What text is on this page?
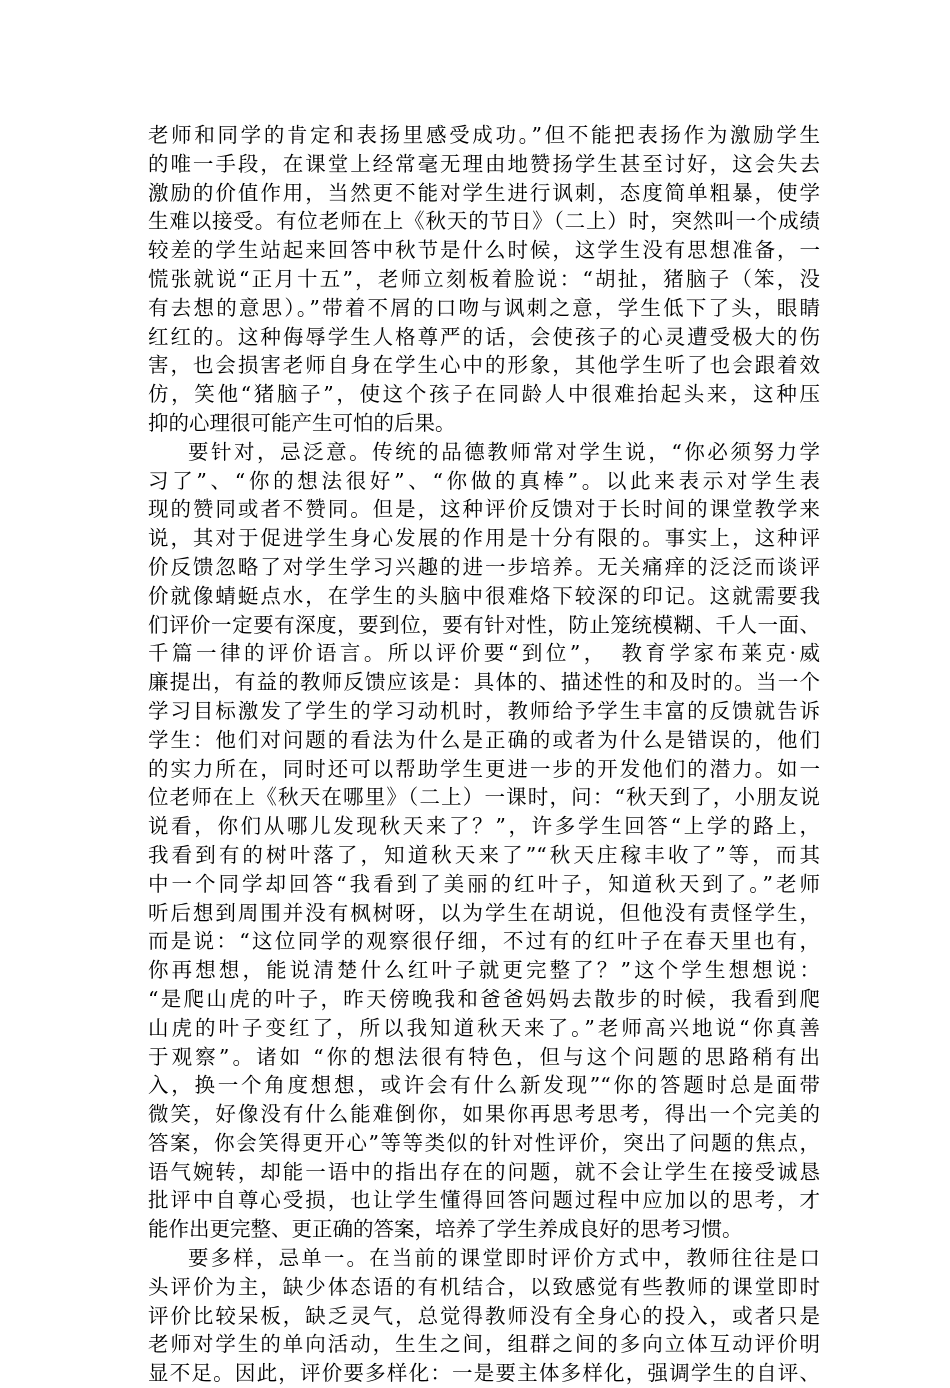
老师和同学的肯定和表扬里感受成功。”但不能把表扬作为激励学生
的唯一手段，在课堂上经常毫无理由地赞扬学生甚至讨好，这会失去
激励的价值作用，当然更不能对学生进行讽刺，态度简单粗暴，使学
生难以接受。有位老师在上《秋天的节日》（二上）时，突然叫一个成绩
较差的学生站起来回答中秋节是什么时候，这学生没有思想准备，一
慌张就说“正月十五”，老师立刻板着脸说：“胡扯，猪脑子（笨，没
有去想的意思）。”带着不屑的口吻与讽刺之意，学生低下了头，眼睛
红红的。这种侮辱学生人格尊严的话，会使孩子的心灵遭受极大的伤
害，也会损害老师自身在学生心中的形象，其他学生听了也会跟着效
仿，笑他“猪脑子”，使这个孩子在同龄人中很难抬起头来，这种压
抑的心理很可能产生可怕的后果。
要针对，忌泛意。传统的品德教师常对学生说，“你必须努力学
习了”、“你的想法很好”、“你做的真棒”。以此来表示对学生表
现的赞同或者不赞同。但是，这种评价反馈对于长时间的课堂教学来
说，其对于促进学生身心发展的作用是十分有限的。事实上，这种评
价反馈忽略了对学生学习兴趣的进一步培养。无关痛痒的泛泛而谈评
价就像蜻蜓点水，在学生的头脑中很难烙下较深的印记。这就需要我
们评价一定要有深度，要到位，要有针对性，防止笼统模糊、千人一面、
千篇一律的评价语言。所以评价要“到位”，　教育学家布莱克·威
廉提出，有益的教师反馈应该是：具体的、描述性的和及时的。当一个
学习目标激发了学生的学习动机时，教师给予学生丰富的反馈就告诉
学生：他们对问题的看法为什么是正确的或者为什么是错误的，他们
的实力所在，同时还可以帮助学生更进一步的开发他们的潜力。如一
位老师在上《秋天在哪里》（二上）一课时，问：“秋天到了，小朋友说
说看，你们从哪儿发现秋天来了？”，许多学生回答“上学的路上，
我看到有的树叶落了，知道秋天来了”“秋天庄稼丰收了”等，而其
中一个同学却回答“我看到了美丽的红叶子，知道秋天到了。”老师
听后想到周围并没有枫树呀，以为学生在胡说，但他没有责怪学生，
而是说：“这位同学的观察很仔细，不过有的红叶子在春天里也有，
你再想想，能说清楚什么红叶子就更完整了？”这个学生想想说：
“是爬山虎的叶子，昨天傍晚我和爸爸妈妈去散步的时候，我看到爬
山虎的叶子变红了，所以我知道秋天来了。”老师高兴地说“你真善
于观察”。诸如 “你的想法很有特色，但与这个问题的思路稍有出
入，换一个角度想想，或许会有什么新发现”“你的答题时总是面带
微笑，好像没有什么能难倒你，如果你再思考思考，得出一个完美的
答案，你会笑得更开心”等等类似的针对性评价，突出了问题的焦点，
语气婉转，却能一语中的指出存在的问题，就不会让学生在接受诚恳
批评中自尊心受损，也让学生懂得回答问题过程中应加以的思考，才
能作出更完整、更正确的答案，培养了学生养成良好的思考习惯。
要多样，忌单一。在当前的课堂即时评价方式中，教师往往是口
头评价为主，缺少体态语的有机结合，以致感觉有些教师的课堂即时
评价比较呆板，缺乏灵气，总觉得教师没有全身心的投入，或者只是
老师对学生的单向活动，生生之间，组群之间的多向立体互动评价明
显不足。因此，评价要多样化：一是要主体多样化，强调学生的自评、
